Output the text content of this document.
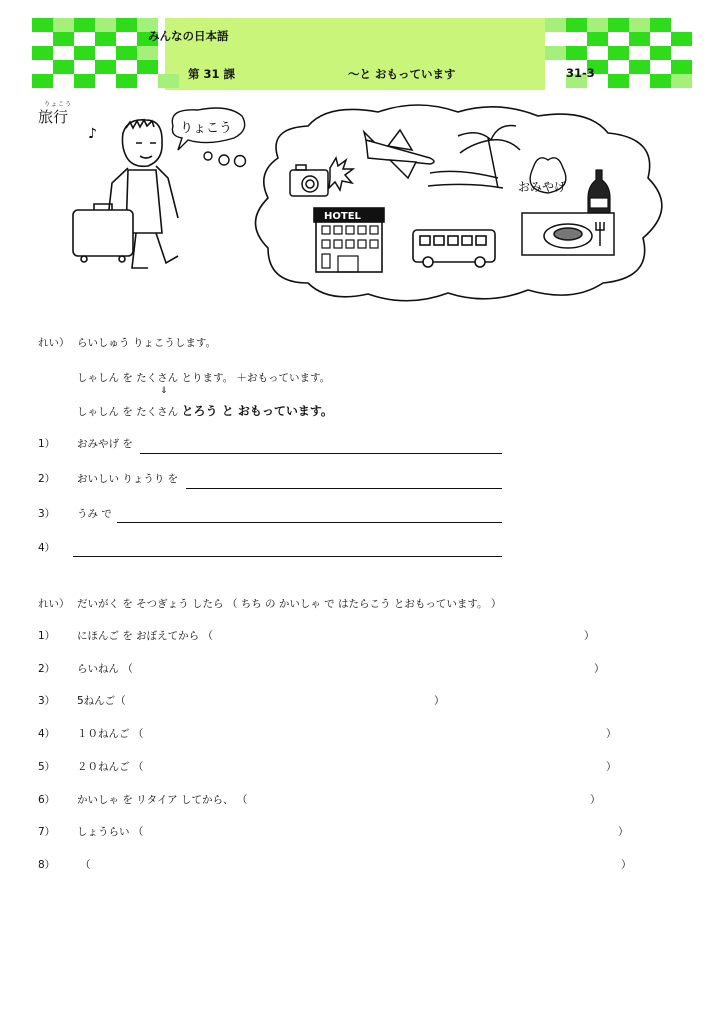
みんなの日本語
第 31 課	～と おもっています	31-3
りょこう
旅行
♪	りょこう
おみやげ
HOTEL
れい） らいしゅう りょこうします。
しゃしん を たくさん とります。 ＋おもっています。
⇓
しゃしん を たくさん とろう と おもっています。
1） おみやげ を
2） おいしい りょうり を
3） うみ で
4）
れい） だいがく を そつぎょう したら （ ちち の かいしゃ で はたらこう とおもっています。 ）
1） にほんご を おぼえてから （	）
2） らいねん （	）
3） 5ねんご（	）
4） １０ねんご （	）
5） ２０ねんご （	）
6） かいしゃ を リタイア してから、 （	）
7） しょうらい （	）
8） （	）
